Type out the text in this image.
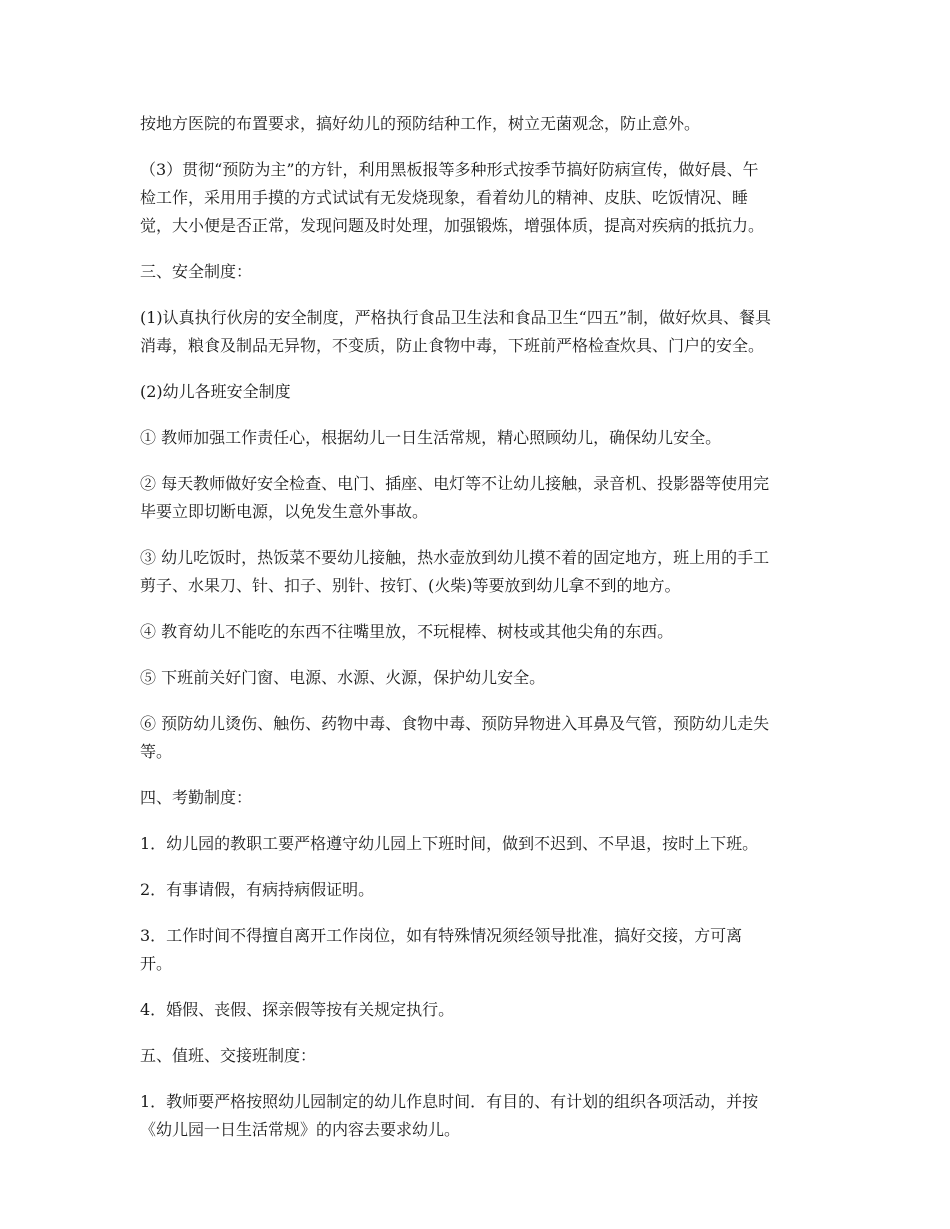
按地方医院的布置要求，搞好幼儿的预防结种工作，树立无菌观念，防止意外。

（3）贯彻“预防为主”的方针，利用黑板报等多种形式按季节搞好防病宣传，做好晨、午
检工作，采用用手摸的方式试试有无发烧现象，看着幼儿的精神、皮肤、吃饭情况、睡
觉，大小便是否正常，发现问题及时处理，加强锻炼，增强体质，提高对疾病的抵抗力。

三、安全制度：

(1)认真执行伙房的安全制度，严格执行食品卫生法和食品卫生“四五”制，做好炊具、餐具
消毒，粮食及制品无异物，不变质，防止食物中毒，下班前严格检查炊具、门户的安全。

(2)幼儿各班安全制度

① 教师加强工作责任心，根据幼儿一日生活常规，精心照顾幼儿，确保幼儿安全。

② 每天教师做好安全检查、电门、插座、电灯等不让幼儿接触，录音机、投影器等使用完
毕要立即切断电源，以免发生意外事故。

③ 幼儿吃饭时，热饭菜不要幼儿接触，热水壶放到幼儿摸不着的固定地方，班上用的手工
剪子、水果刀、针、扣子、别针、按钉、(火柴)等要放到幼儿拿不到的地方。

④ 教育幼儿不能吃的东西不往嘴里放，不玩棍棒、树枝或其他尖角的东西。

⑤ 下班前关好门窗、电源、水源、火源，保护幼儿安全。

⑥ 预防幼儿烫伤、触伤、药物中毒、食物中毒、预防异物进入耳鼻及气管，预防幼儿走失
等。

四、考勤制度：

1．幼儿园的教职工要严格遵守幼儿园上下班时间，做到不迟到、不早退，按时上下班。

2．有事请假，有病持病假证明。

3．工作时间不得擅自离开工作岗位，如有特殊情况须经领导批准，搞好交接，方可离
开。

4．婚假、丧假、探亲假等按有关规定执行。

五、值班、交接班制度：

1．教师要严格按照幼儿园制定的幼儿作息时间．有目的、有计划的组织各项活动，并按
《幼儿园一日生活常规》的内容去要求幼儿。
